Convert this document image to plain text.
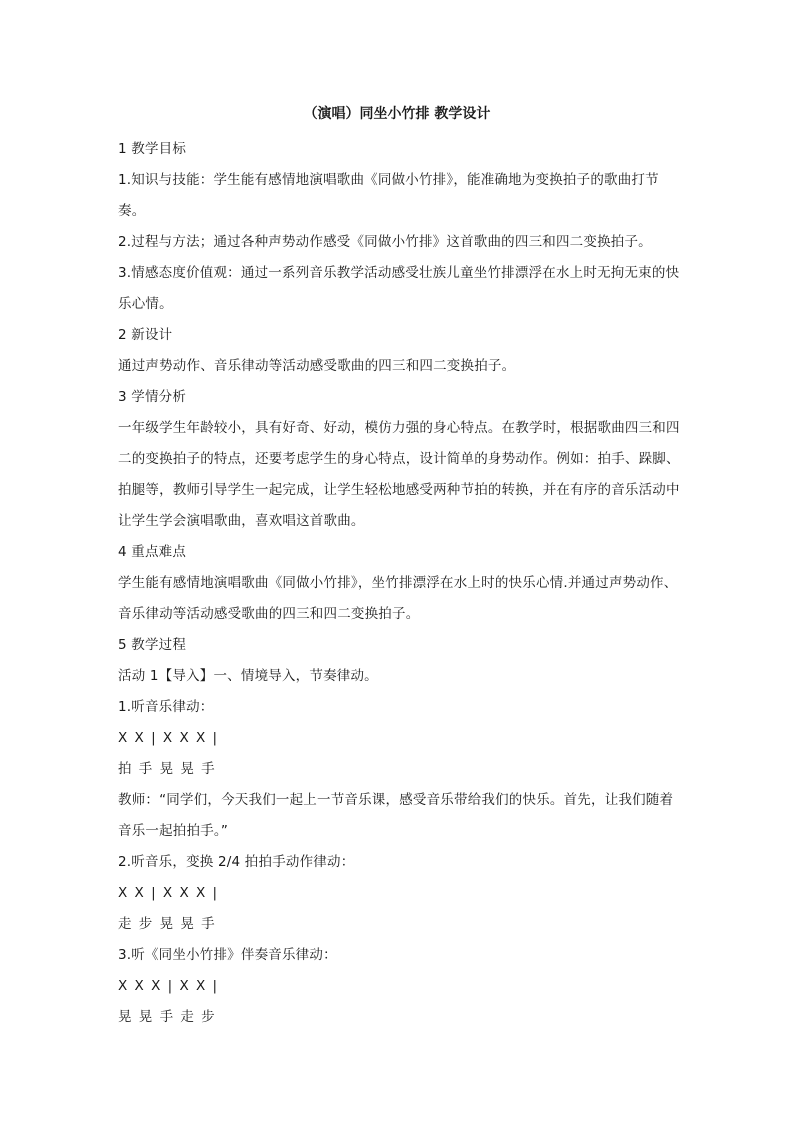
（演唱）同坐小竹排 教学设计

1 教学目标

1.知识与技能：学生能有感情地演唱歌曲《同做小竹排》，能准确地为变换拍子的歌曲打节奏。

2.过程与方法；通过各种声势动作感受《同做小竹排》这首歌曲的四三和四二变换拍子。

3.情感态度价值观：通过一系列音乐教学活动感受壮族儿童坐竹排漂浮在水上时无拘无束的快乐心情。

2 新设计

通过声势动作、音乐律动等活动感受歌曲的四三和四二变换拍子。

3 学情分析

一年级学生年龄较小，具有好奇、好动，模仿力强的身心特点。在教学时，根据歌曲四三和四二的变换拍子的特点，还要考虑学生的身心特点，设计简单的身势动作。例如：拍手、跺脚、拍腿等，教师引导学生一起完成，让学生轻松地感受两种节拍的转换，并在有序的音乐活动中让学生学会演唱歌曲，喜欢唱这首歌曲。

4 重点难点

学生能有感情地演唱歌曲《同做小竹排》，坐竹排漂浮在水上时的快乐心情.并通过声势动作、音乐律动等活动感受歌曲的四三和四二变换拍子。

5 教学过程

活动 1【导入】一、情境导入，节奏律动。

1.听音乐律动：

X X | X X X |

拍 手 晃 晃 手

教师：“同学们，今天我们一起上一节音乐课，感受音乐带给我们的快乐。首先，让我们随着音乐一起拍拍手。”

2.听音乐，变换 2/4 拍拍手动作律动：

X X | X X X |

走 步 晃 晃 手

3.听《同坐小竹排》伴奏音乐律动：

X X X | X X |

晃 晃 手 走 步
